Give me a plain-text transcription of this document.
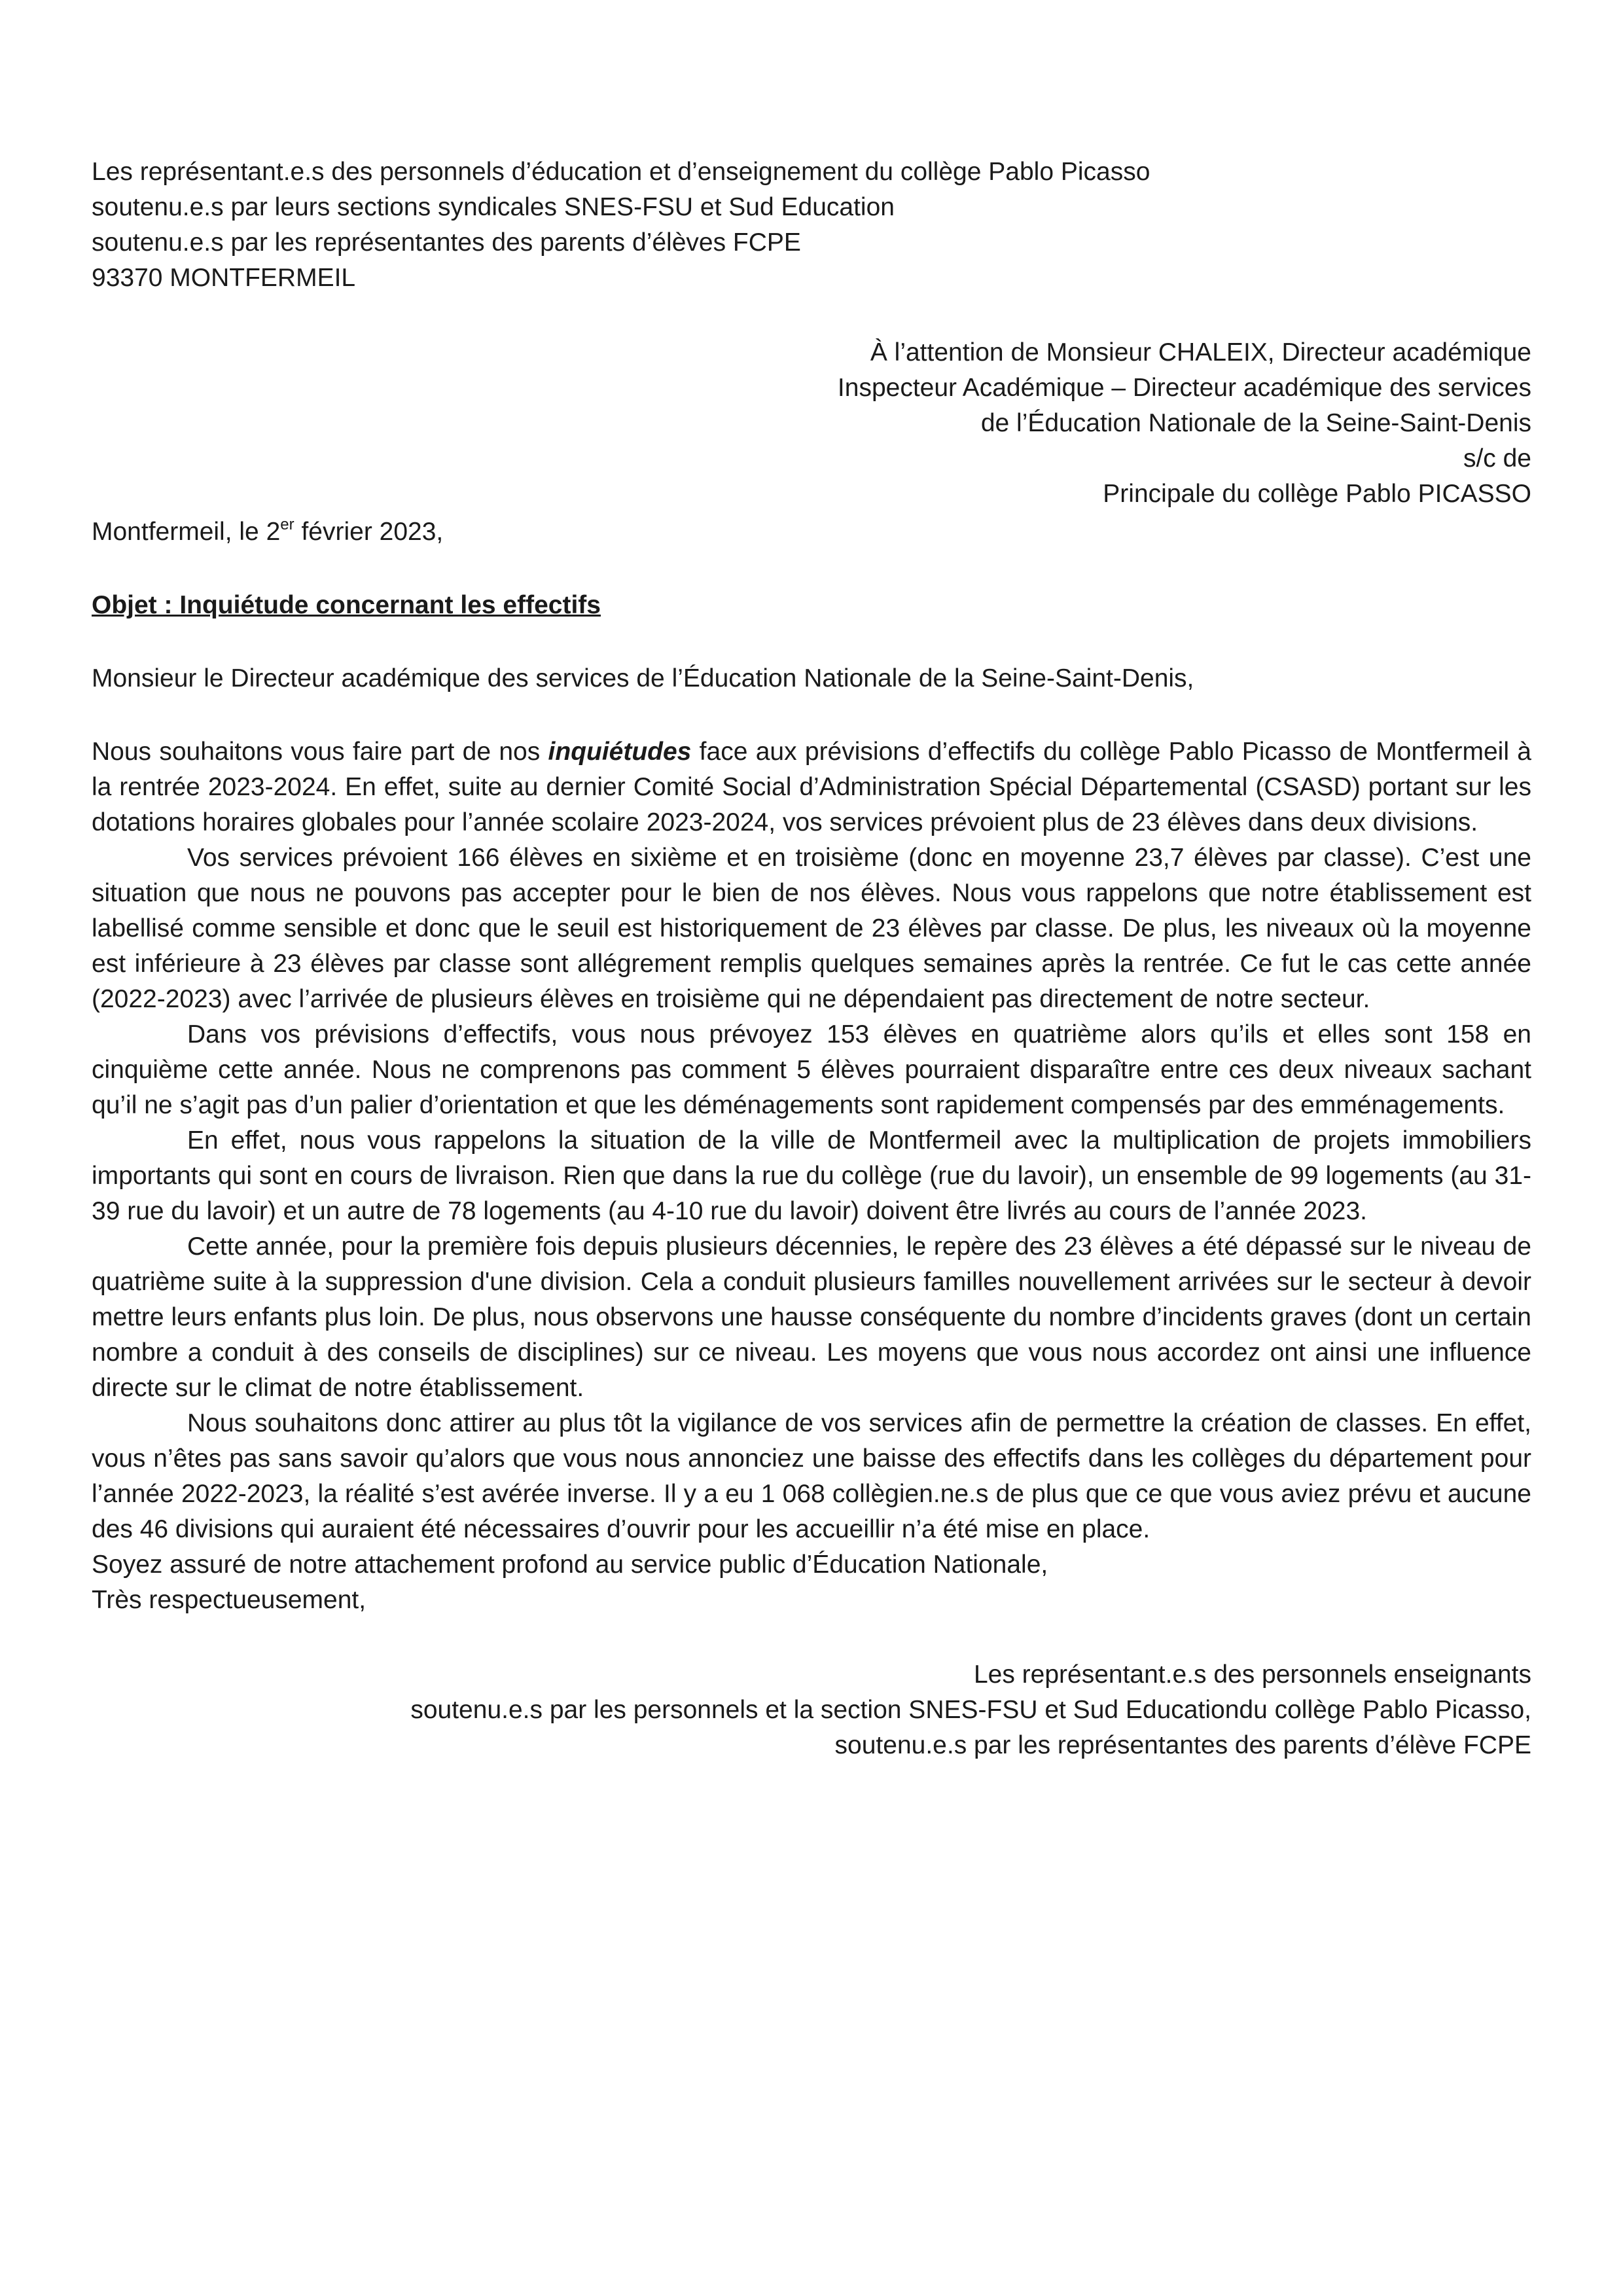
Les représentant.e.s des personnels d’éducation et d’enseignement du collège Pablo Picasso
soutenu.e.s par leurs sections syndicales SNES-FSU et Sud Education
soutenu.e.s par les représentantes des parents d’élèves FCPE
93370 MONTFERMEIL
À l’attention de Monsieur CHALEIX, Directeur académique
Inspecteur Académique – Directeur académique des services
de l’Éducation Nationale de la Seine-Saint-Denis
s/c de
Principale du collège Pablo PICASSO
Montfermeil, le 2er février 2023,
Objet : Inquiétude concernant les effectifs
Monsieur le Directeur académique des services de l’Éducation Nationale de la Seine-Saint-Denis,

Nous souhaitons vous faire part de nos inquiétudes face aux prévisions d’effectifs du collège Pablo Picasso de Montfermeil à la rentrée 2023-2024. En effet, suite au dernier Comité Social d’Administration Spécial Départemental (CSASD) portant sur les dotations horaires globales pour l’année scolaire 2023-2024, vos services prévoient plus de 23 élèves dans deux divisions.

Vos services prévoient 166 élèves en sixième et en troisième (donc en moyenne 23,7 élèves par classe). C’est une situation que nous ne pouvons pas accepter pour le bien de nos élèves. Nous vous rappelons que notre établissement est labellisé comme sensible et donc que le seuil est historiquement de 23 élèves par classe. De plus, les niveaux où la moyenne est inférieure à 23 élèves par classe sont allégrement remplis quelques semaines après la rentrée. Ce fut le cas cette année (2022-2023) avec l’arrivée de plusieurs élèves en troisième qui ne dépendaient pas directement de notre secteur.

Dans vos prévisions d’effectifs, vous nous prévoyez 153 élèves en quatrième alors qu’ils et elles sont 158 en cinquième cette année. Nous ne comprenons pas comment 5 élèves pourraient disparaître entre ces deux niveaux sachant qu’il ne s’agit pas d’un palier d’orientation et que les déménagements sont rapidement compensés par des emménagements.

En effet, nous vous rappelons la situation de la ville de Montfermeil avec la multiplication de projets immobiliers importants qui sont en cours de livraison. Rien que dans la rue du collège (rue du lavoir), un ensemble de 99 logements (au 31-39 rue du lavoir) et un autre de 78 logements (au 4-10 rue du lavoir) doivent être livrés au cours de l’année 2023.

Cette année, pour la première fois depuis plusieurs décennies, le repère des 23 élèves a été dépassé sur le niveau de quatrième suite à la suppression d'une division. Cela a conduit plusieurs familles nouvellement arrivées sur le secteur à devoir mettre leurs enfants plus loin. De plus, nous observons une hausse conséquente du nombre d’incidents graves (dont un certain nombre a conduit à des conseils de disciplines) sur ce niveau. Les moyens que vous nous accordez ont ainsi une influence directe sur le climat de notre établissement.

Nous souhaitons donc attirer au plus tôt la vigilance de vos services afin de permettre la création de classes. En effet, vous n’êtes pas sans savoir qu’alors que vous nous annonciez une baisse des effectifs dans les collèges du département pour l’année 2022-2023, la réalité s’est avérée inverse. Il y a eu 1 068 collègien.ne.s de plus que ce que vous aviez prévu et aucune des 46 divisions qui auraient été nécessaires d’ouvrir pour les accueillir n’a été mise en place.

Soyez assuré de notre attachement profond au service public d’Éducation Nationale,
Très respectueusement,
Les représentant.e.s des personnels enseignants
soutenu.e.s par les personnels et la section SNES-FSU et Sud Educationdu collège Pablo Picasso,
soutenu.e.s par les représentantes des parents d’élève FCPE
